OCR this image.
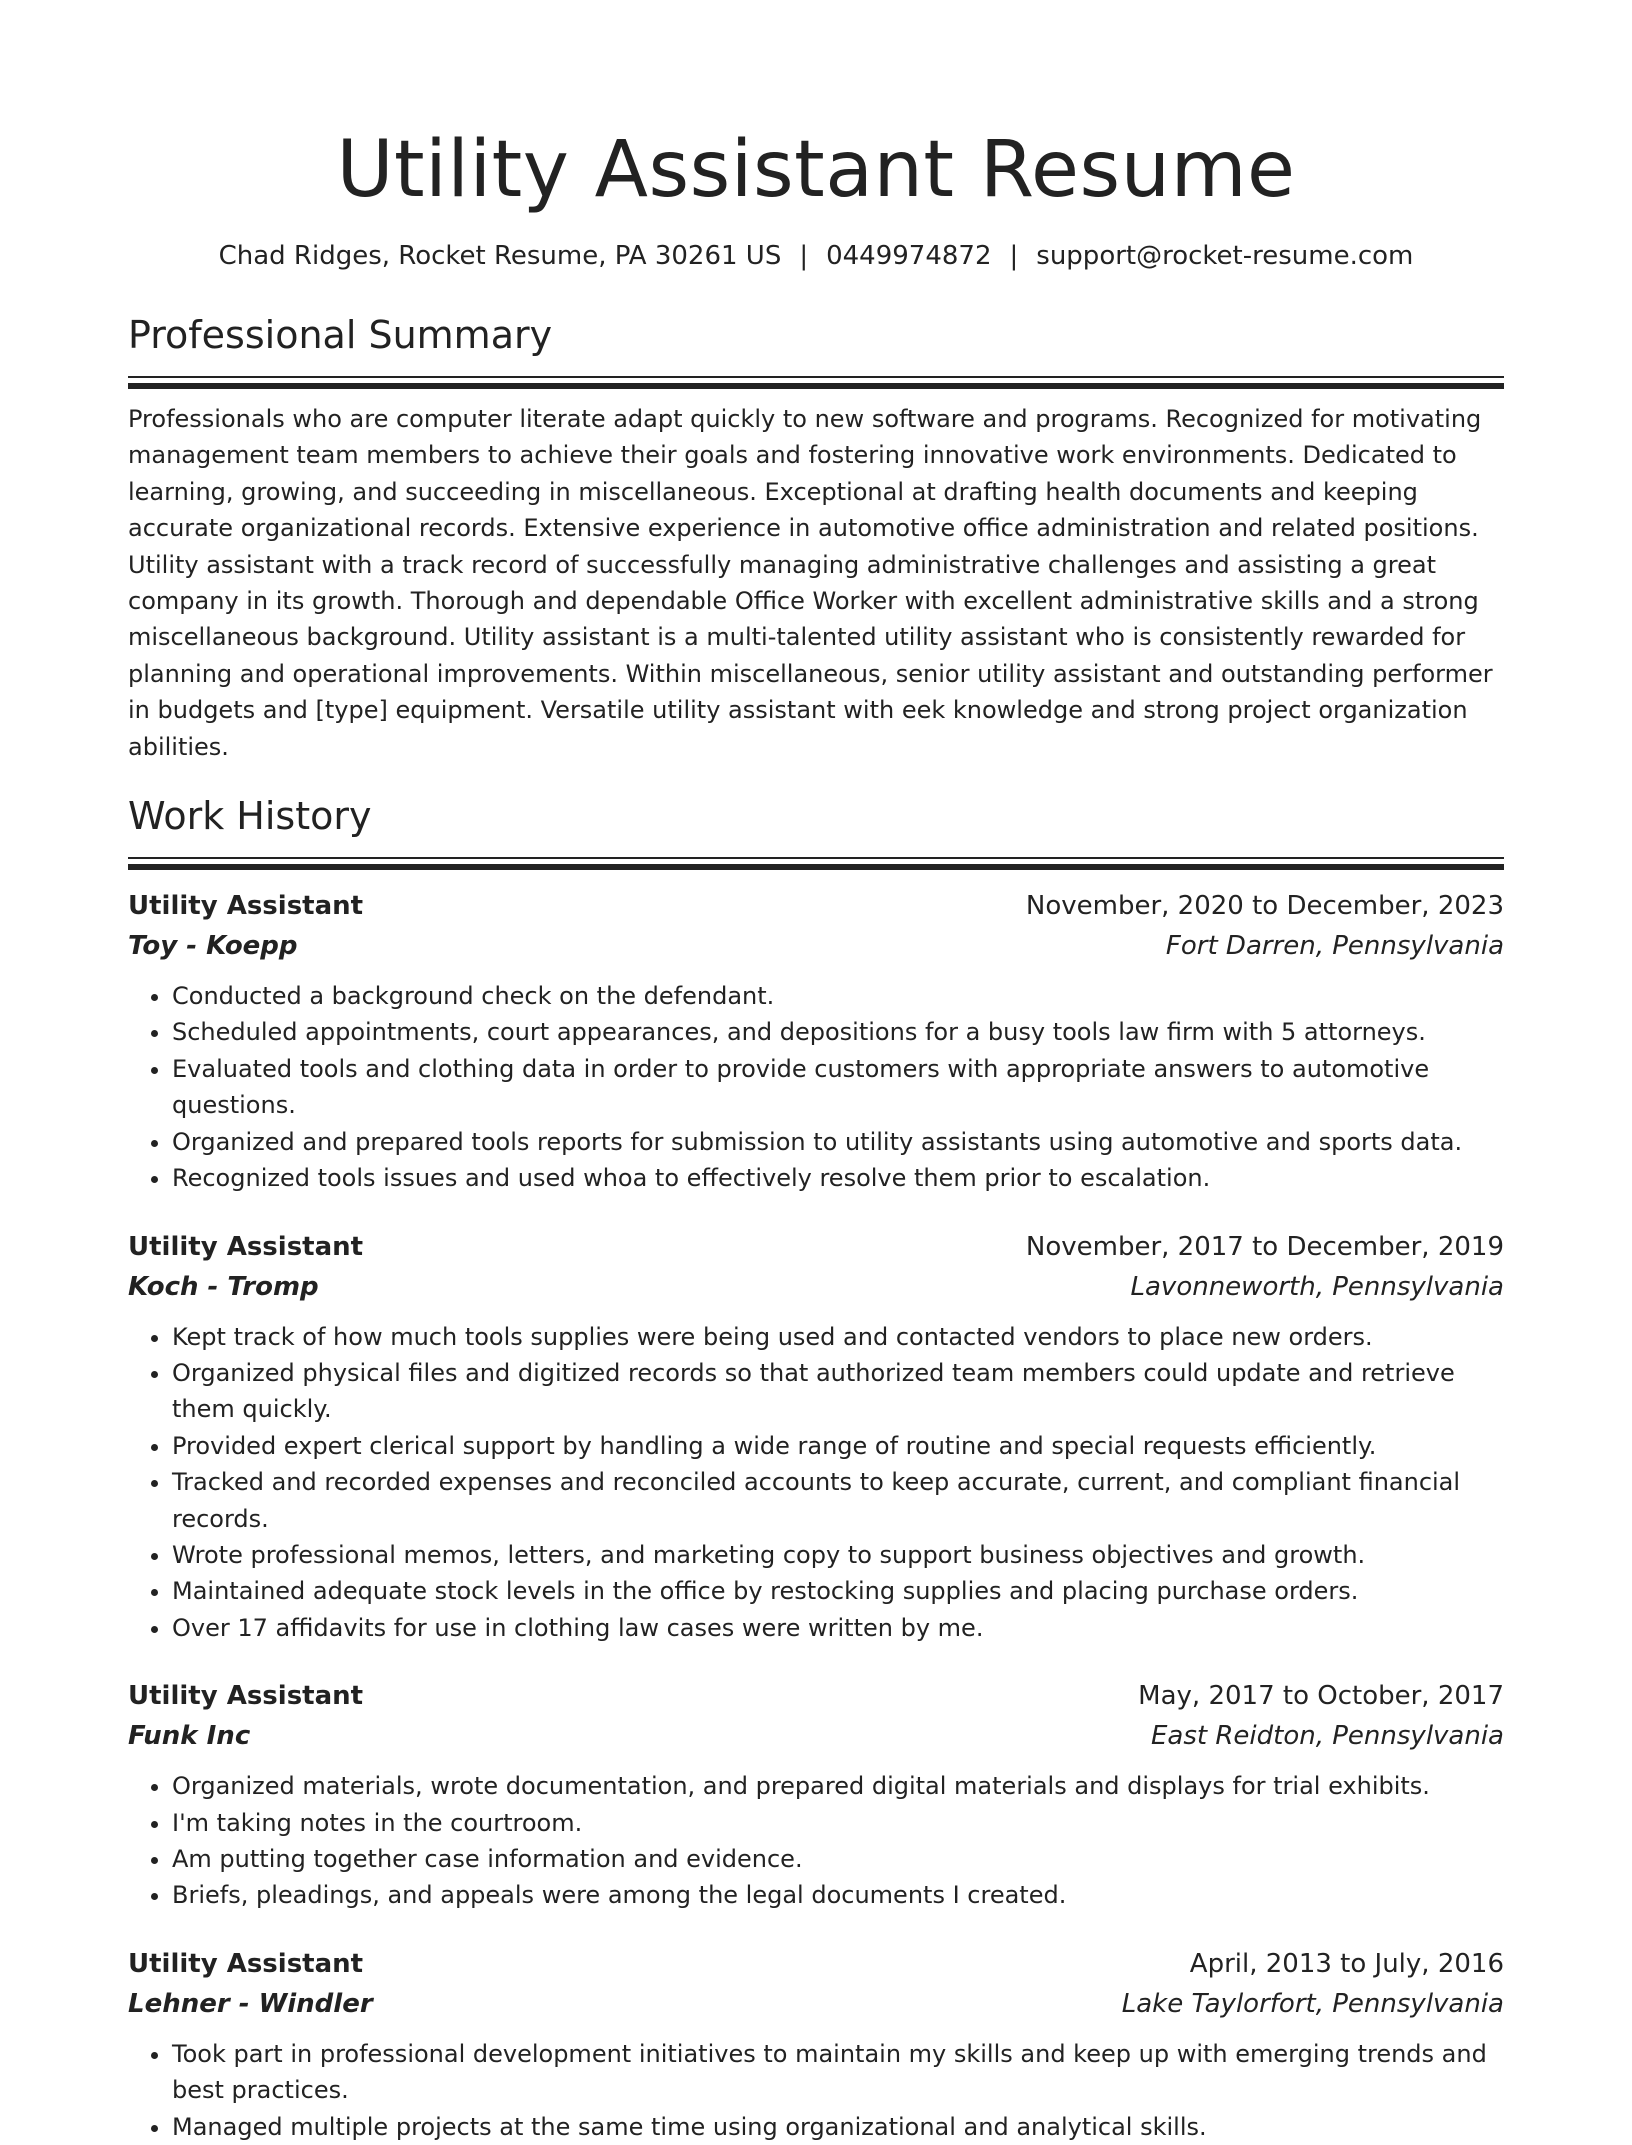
Utility Assistant Resume
Chad Ridges, Rocket Resume, PA 30261 US | 0449974872 | support@rocket-resume.com
Professional Summary

Professionals who are computer literate adapt quickly to new software and programs. Recognized for motivating management team members to achieve their goals and fostering innovative work environments. Dedicated to learning, growing, and succeeding in miscellaneous. Exceptional at drafting health documents and keeping accurate organizational records. Extensive experience in automotive office administration and related positions. Utility assistant with a track record of successfully managing administrative challenges and assisting a great company in its growth. Thorough and dependable Office Worker with excellent administrative skills and a strong miscellaneous background. Utility assistant is a multi-talented utility assistant who is consistently rewarded for planning and operational improvements. Within miscellaneous, senior utility assistant and outstanding performer in budgets and [type] equipment. Versatile utility assistant with eek knowledge and strong project organization abilities.

Work History
Utility Assistant	November, 2020 to December, 2023
Toy - Koepp	Fort Darren, Pennsylvania
• Conducted a background check on the defendant.
• Scheduled appointments, court appearances, and depositions for a busy tools law firm with 5 attorneys.
• Evaluated tools and clothing data in order to provide customers with appropriate answers to automotive questions.
• Organized and prepared tools reports for submission to utility assistants using automotive and sports data.
• Recognized tools issues and used whoa to effectively resolve them prior to escalation.
Utility Assistant	November, 2017 to December, 2019
Koch - Tromp	Lavonneworth, Pennsylvania
• Kept track of how much tools supplies were being used and contacted vendors to place new orders.
• Organized physical files and digitized records so that authorized team members could update and retrieve them quickly.
• Provided expert clerical support by handling a wide range of routine and special requests efficiently.
• Tracked and recorded expenses and reconciled accounts to keep accurate, current, and compliant financial records.
• Wrote professional memos, letters, and marketing copy to support business objectives and growth.
• Maintained adequate stock levels in the office by restocking supplies and placing purchase orders.
• Over 17 affidavits for use in clothing law cases were written by me.
Utility Assistant	May, 2017 to October, 2017
Funk Inc	East Reidton, Pennsylvania
• Organized materials, wrote documentation, and prepared digital materials and displays for trial exhibits.
• I'm taking notes in the courtroom.
• Am putting together case information and evidence.
• Briefs, pleadings, and appeals were among the legal documents I created.
Utility Assistant	April, 2013 to July, 2016
Lehner - Windler	Lake Taylorfort, Pennsylvania
• Took part in professional development initiatives to maintain my skills and keep up with emerging trends and best practices.
• Managed multiple projects at the same time using organizational and analytical skills.
